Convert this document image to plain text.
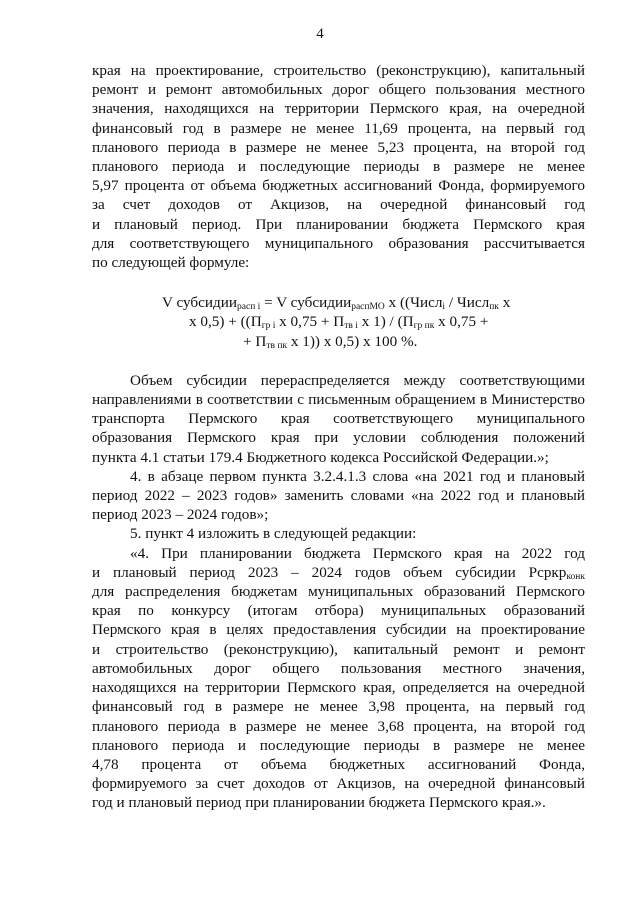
4

края на проектирование, строительство (реконструкцию), капитальный

ремонт и ремонт автомобильных дорог общего пользования местного

значения, находящихся на территории Пермского края, на очередной

финансовый год в размере не менее 11,69 процента, на первый год

планового периода в размере не менее 5,23 процента, на второй год

планового периода и последующие периоды в размере не менее

5,97 процента от объема бюджетных ассигнований Фонда, формируемого

за счет доходов от Акцизов, на очередной финансовый год

и плановый период. При планировании бюджета Пермского края

для соответствующего муниципального образования рассчитывается

по следующей формуле:

V субсидии$_{расп i}$ = V субсидии$_{распМО}$ x ((Числ$_i$ / Числ$_{пк}$ x
x $0,5) + ((П_{гр i}$ x $0,75 + П_{тв i}$ x $1) / (П_{гр пк}$ x 0,75 +
+ $П_{тв пк}$ x 1)) x 0,5) x 100 %.

Объем субсидии перераспределяется между соответствующими

направлениями в соответствии с письменным обращением в Министерство

транспорта Пермского края соответствующего муниципального

образования Пермского края при условии соблюдения положений

пункта 4.1 статьи 179.4 Бюджетного кодекса Российской Федерации.»;

4. в абзаце первом пункта 3.2.4.1.3 слова «на 2021 год и плановый

период 2022 – 2023 годов» заменить словами «на 2022 год и плановый

период 2023 – 2024 годов»;

5. пункт 4 изложить в следующей редакции:

«4. При планировании бюджета Пермского края на 2022 год

и плановый период 2023 – 2024 годов объем субсидии Рсркр$_{конк}$

для распределения бюджетам муниципальных образований Пермского

края по конкурсу (итогам отбора) муниципальных образований

Пермского края в целях предоставления субсидии на проектирование

и строительство (реконструкцию), капитальный ремонт и ремонт

автомобильных дорог общего пользования местного значения,

находящихся на территории Пермского края, определяется на очередной

финансовый год в размере не менее 3,98 процента, на первый год

планового периода в размере не менее 3,68 процента, на второй год

планового периода и последующие периоды в размере не менее

4,78 процента от объема бюджетных ассигнований Фонда,

формируемого за счет доходов от Акцизов, на очередной финансовый

год и плановый период при планировании бюджета Пермского края.».
